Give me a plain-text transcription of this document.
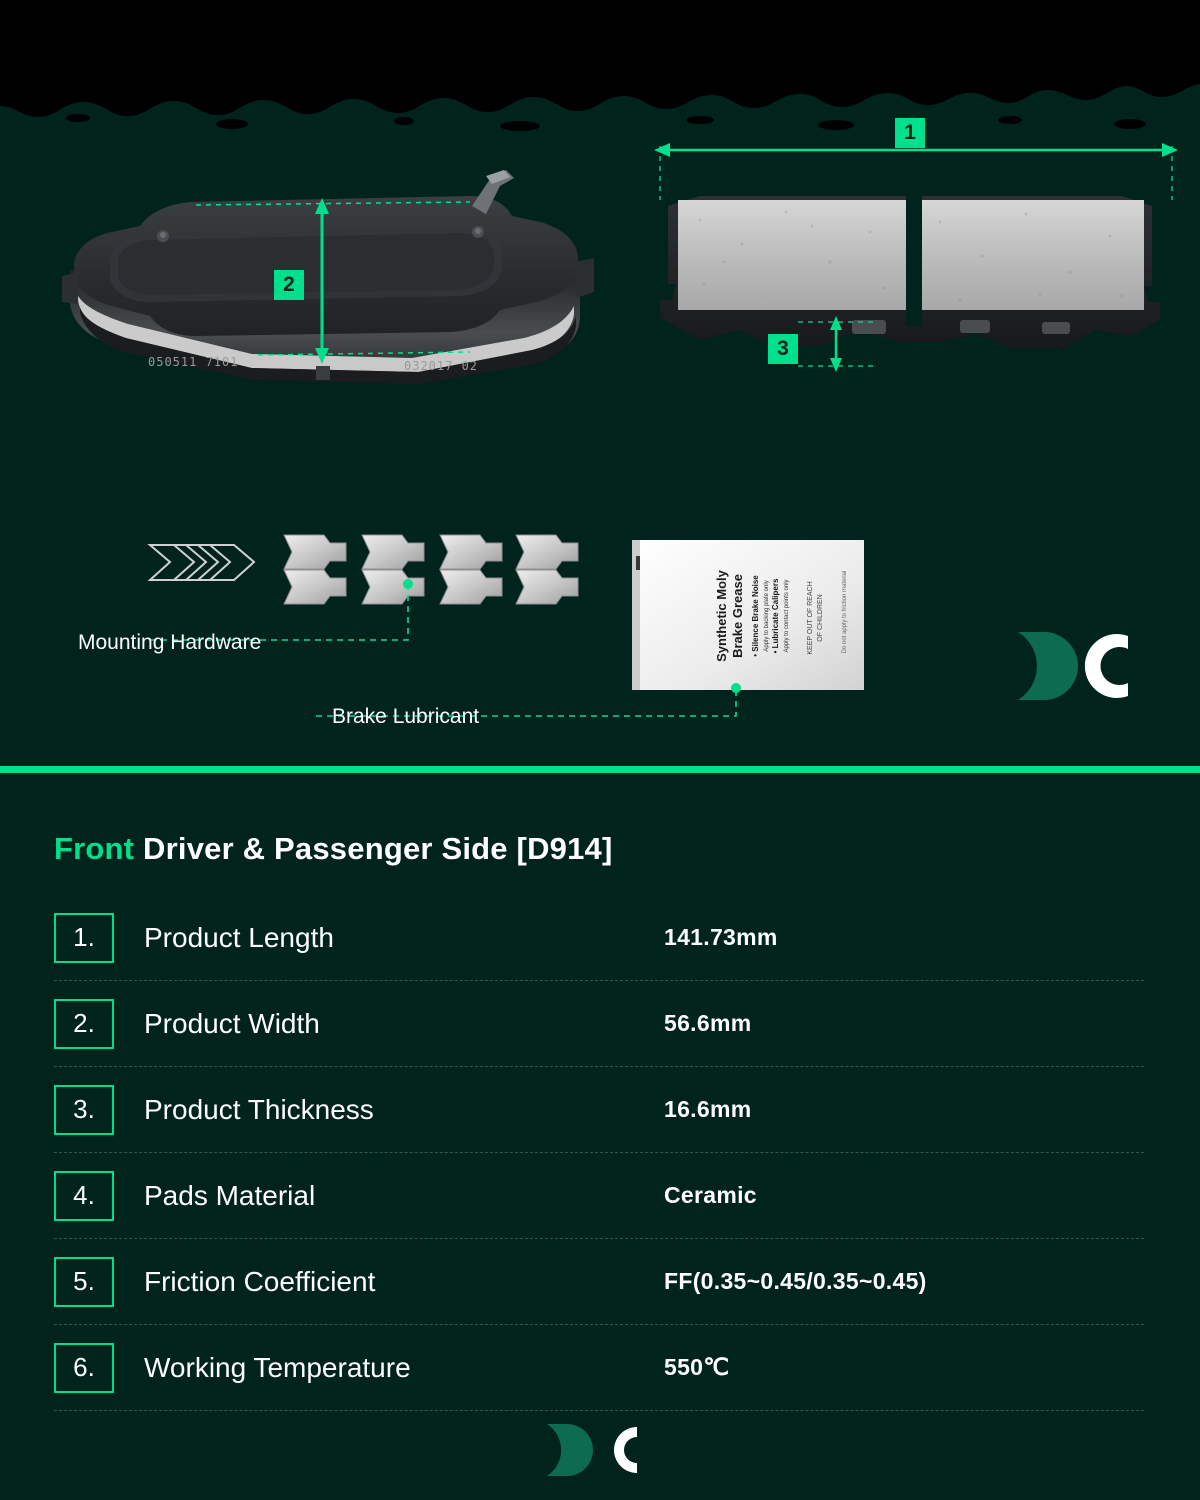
050511 7101	032017 02
Synthetic Moly Brake Grease • Silence Brake Noise Apply to backing plate only • Lubricate Calipers Apply to contact points only KEEP OUT OF REACH OF CHILDREN	Do not apply to friction material
1
2
3
Mounting Hardware
Brake Lubricant
Front Driver & Passenger Side [D914]
1.	Product Length	141.73mm
2.	Product Width	56.6mm
3.	Product Thickness	16.6mm
4.	Pads Material	Ceramic
5.	Friction Coefficient	FF(0.35~0.45/0.35~0.45)
6.	Working Temperature	550℃
